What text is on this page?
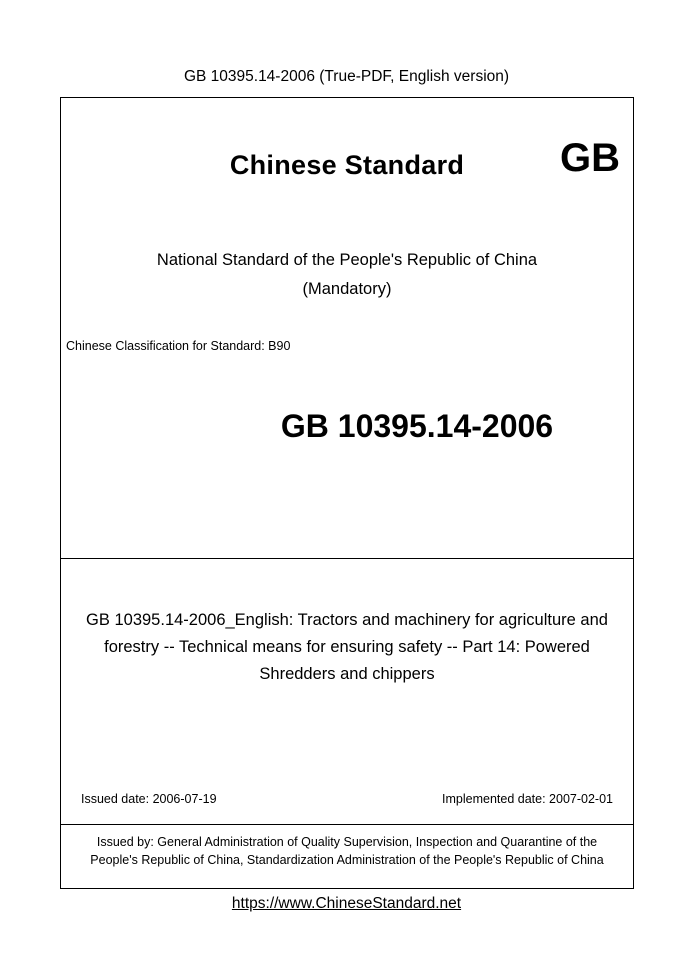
GB 10395.14-2006 (True-PDF, English version)
Chinese Standard	GB
National Standard of the People's Republic of China
(Mandatory)
Chinese Classification for Standard: B90
GB 10395.14-2006
GB 10395.14-2006_English: Tractors and machinery for agriculture and forestry -- Technical means for ensuring safety -- Part 14: Powered Shredders and chippers
Issued date: 2006-07-19	Implemented date: 2007-02-01
Issued by: General Administration of Quality Supervision, Inspection and Quarantine of the People's Republic of China, Standardization Administration of the People's Republic of China
https://www.ChineseStandard.net
